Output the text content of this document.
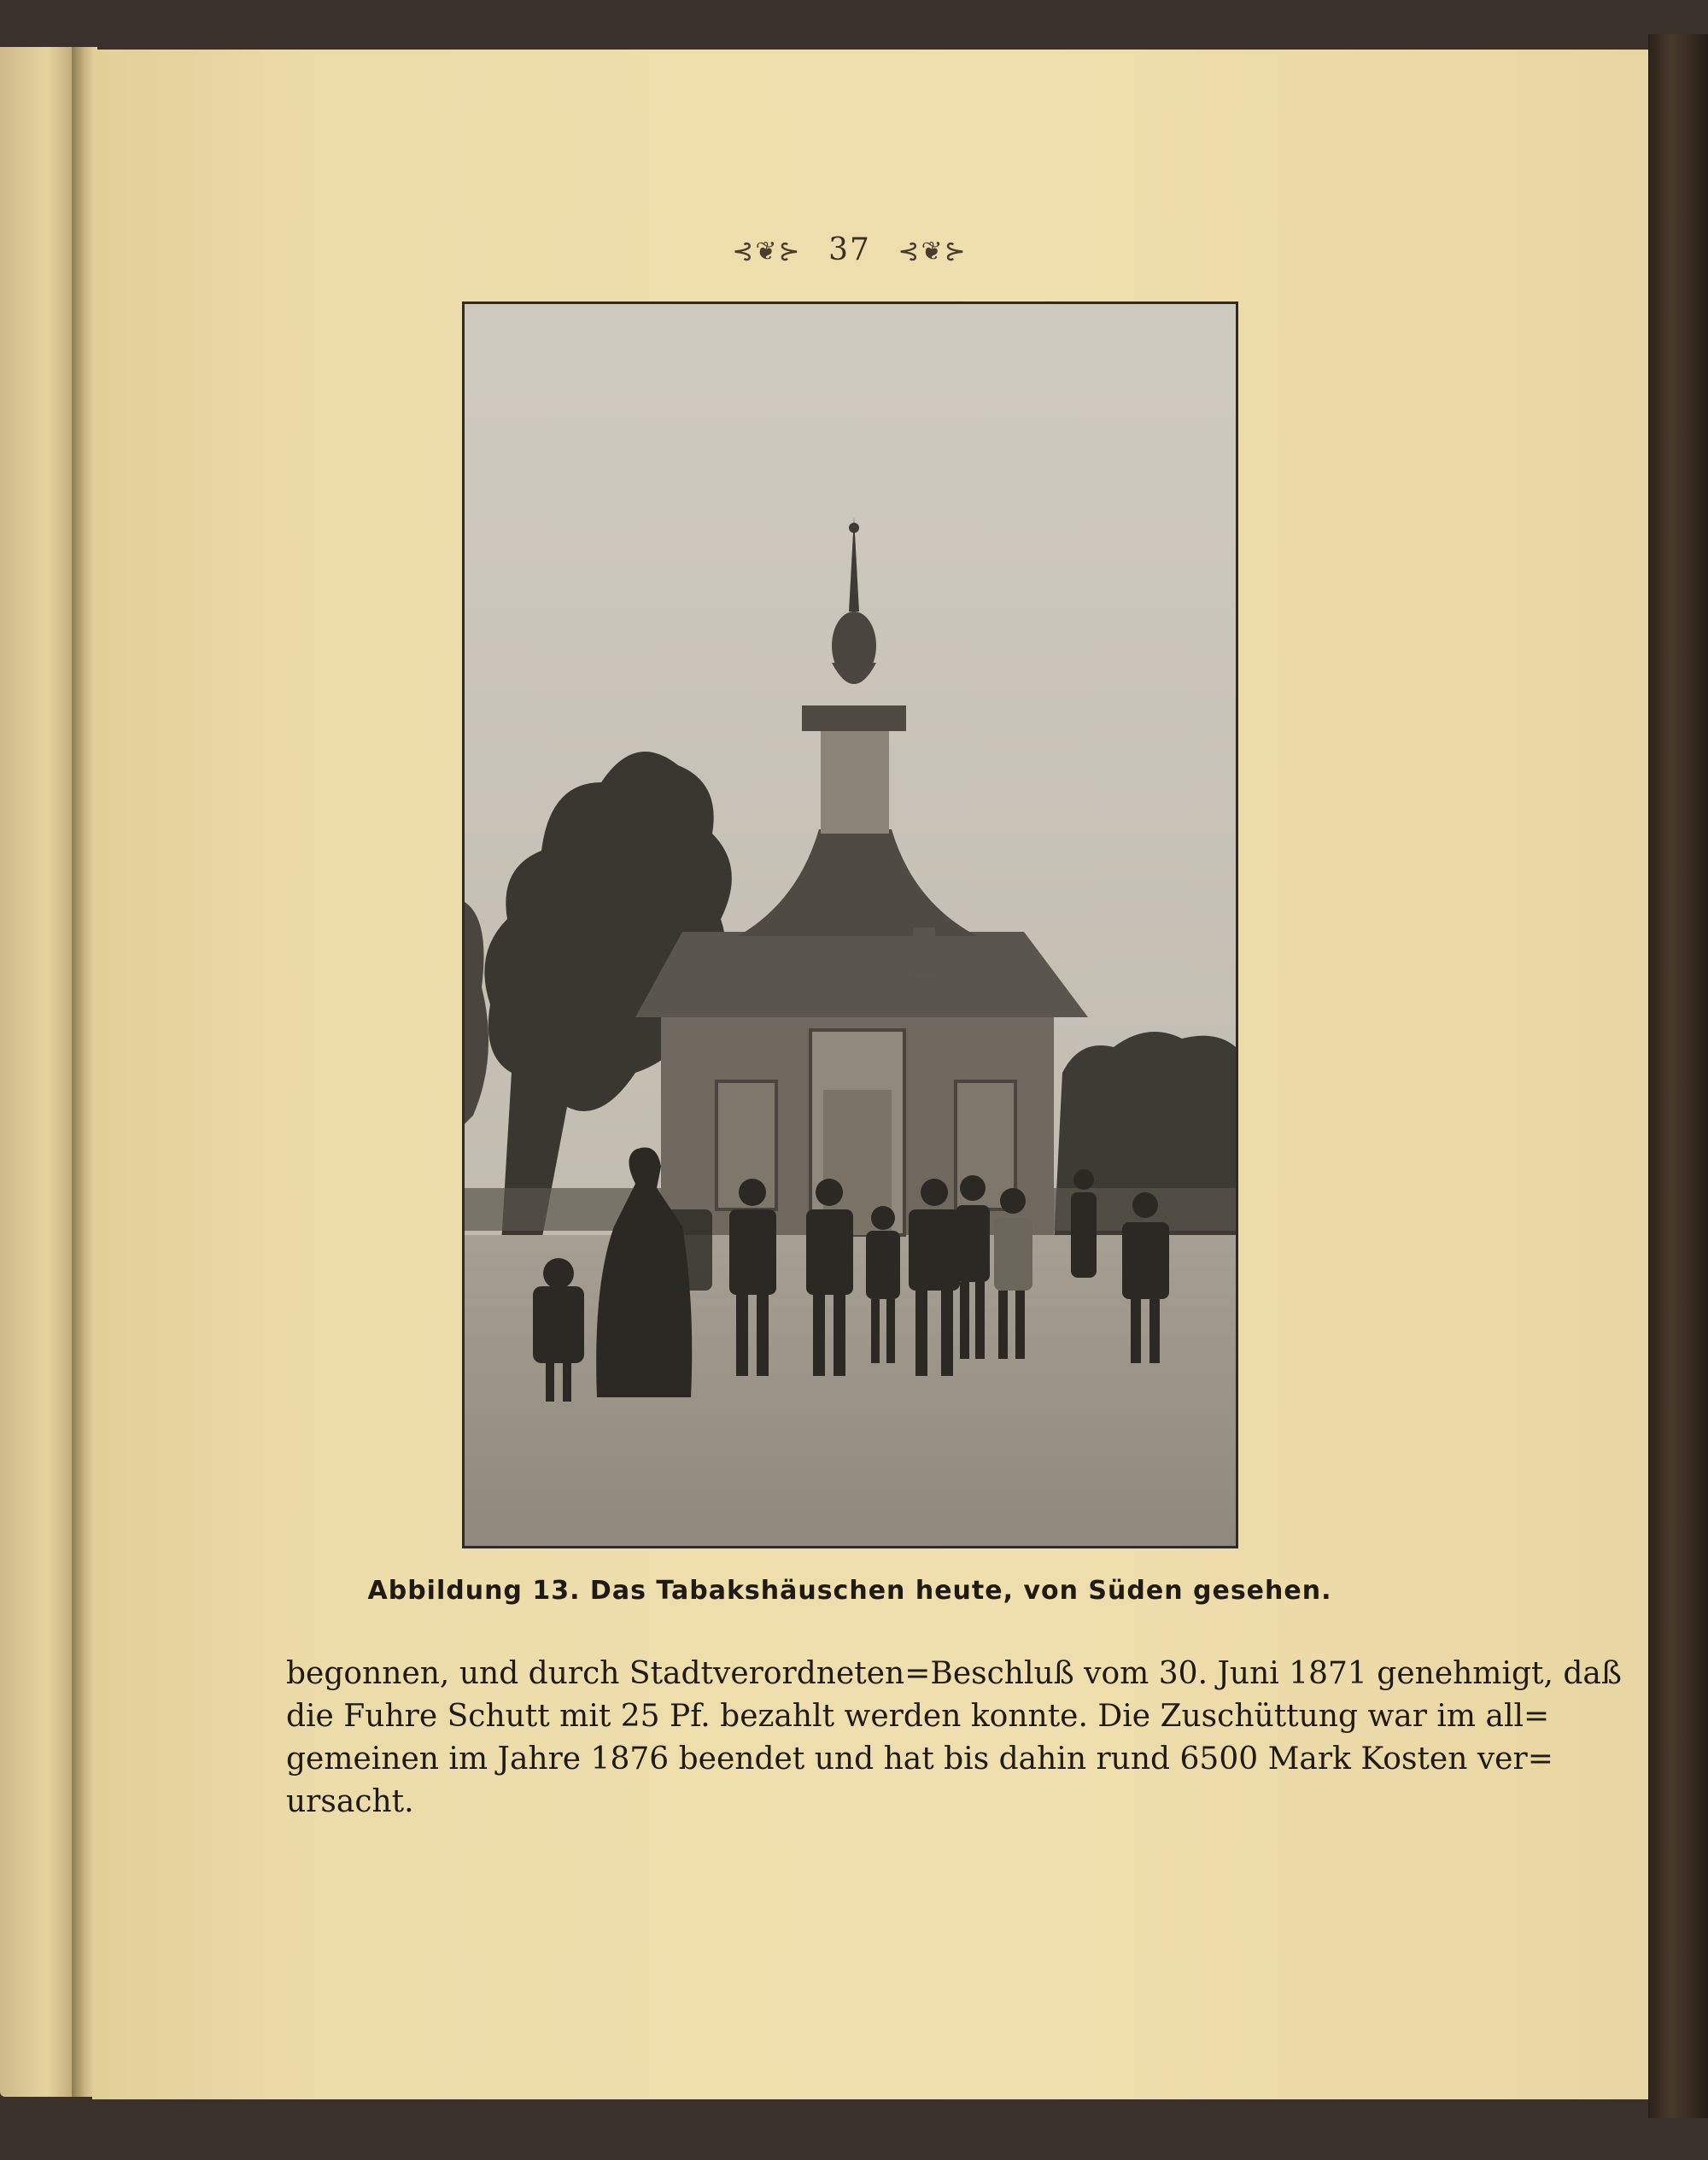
⊰❦⊱ 37 ⊰❦⊱
Abbildung 13. Das Tabakshäuschen heute, von Süden gesehen.
begonnen, und durch Stadtverordneten=Beschluß vom 30. Juni 1871 genehmigt, daß
die Fuhre Schutt mit 25 Pf. bezahlt werden konnte. Die Zuschüttung war im all=
gemeinen im Jahre 1876 beendet und hat bis dahin rund 6500 Mark Kosten ver=
ursacht.
